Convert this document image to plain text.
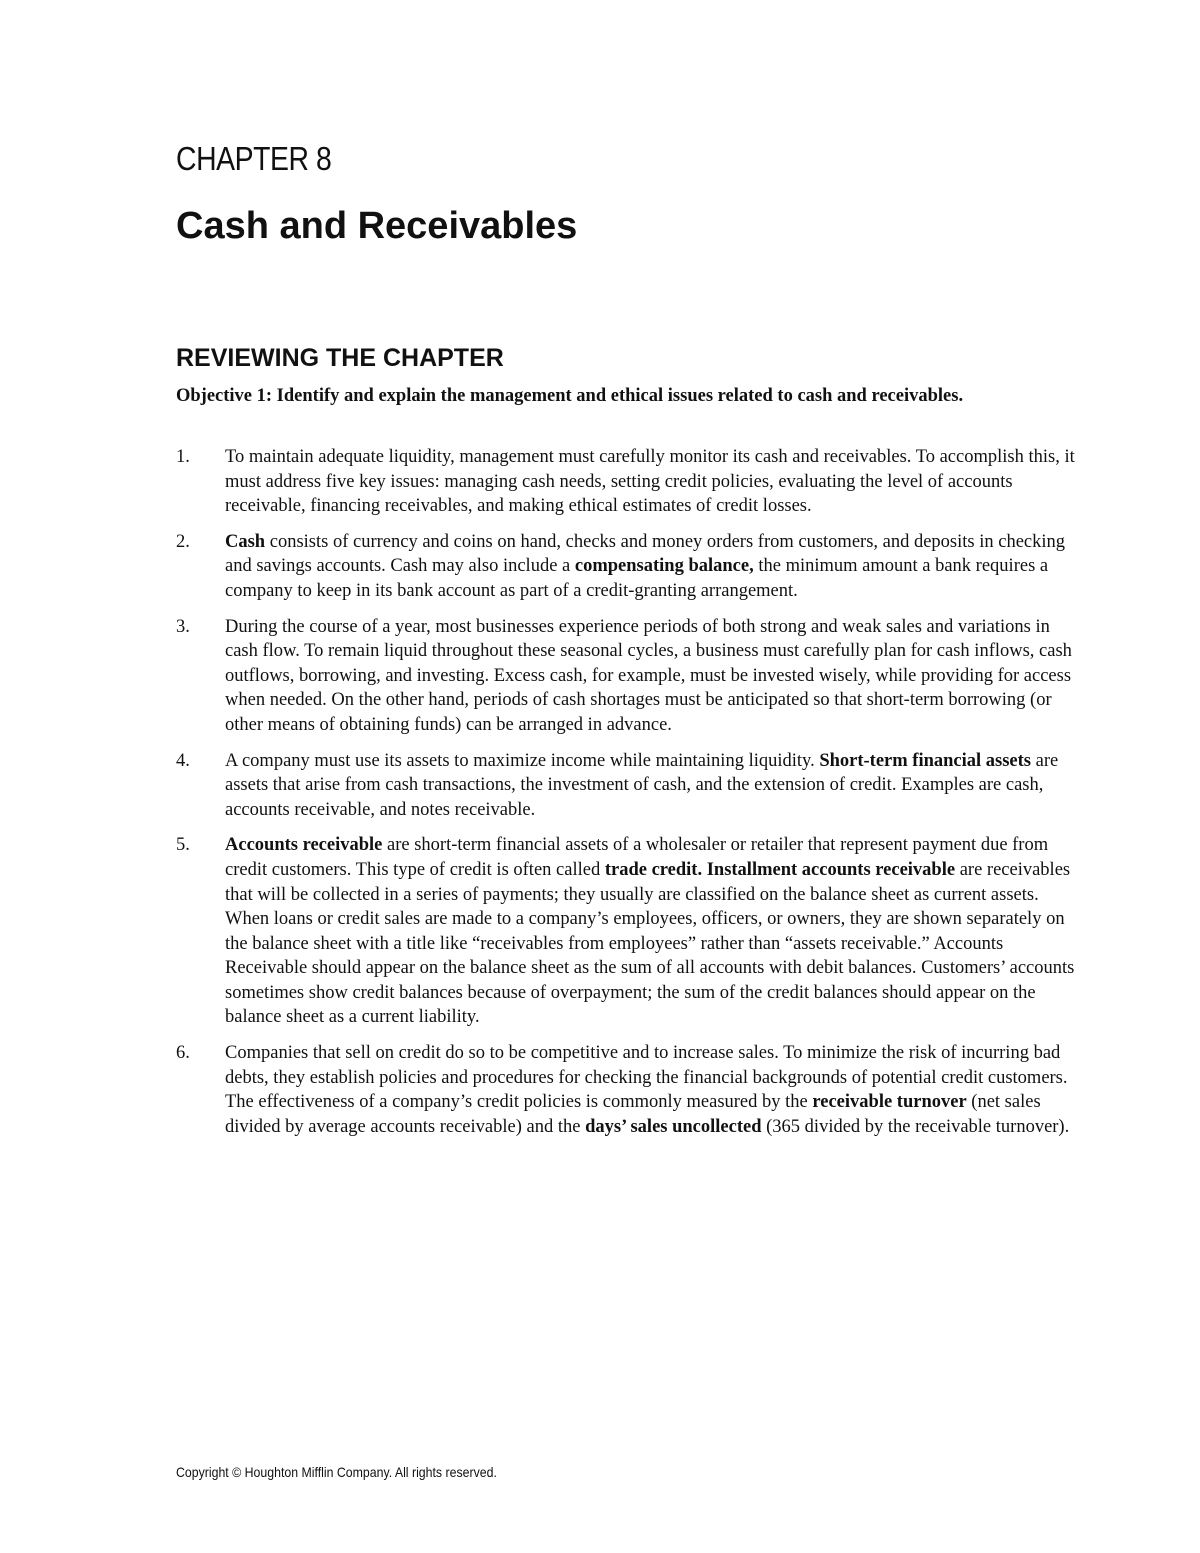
CHAPTER 8
Cash and Receivables
REVIEWING THE CHAPTER
Objective 1: Identify and explain the management and ethical issues related to cash and receivables.
1. To maintain adequate liquidity, management must carefully monitor its cash and receivables. To accomplish this, it must address five key issues: managing cash needs, setting credit policies, evaluating the level of accounts receivable, financing receivables, and making ethical estimates of credit losses.
2. Cash consists of currency and coins on hand, checks and money orders from customers, and deposits in checking and savings accounts. Cash may also include a compensating balance, the minimum amount a bank requires a company to keep in its bank account as part of a credit-granting arrangement.
3. During the course of a year, most businesses experience periods of both strong and weak sales and variations in cash flow. To remain liquid throughout these seasonal cycles, a business must carefully plan for cash inflows, cash outflows, borrowing, and investing. Excess cash, for example, must be invested wisely, while providing for access when needed. On the other hand, periods of cash shortages must be anticipated so that short-term borrowing (or other means of obtaining funds) can be arranged in advance.
4. A company must use its assets to maximize income while maintaining liquidity. Short-term financial assets are assets that arise from cash transactions, the investment of cash, and the extension of credit. Examples are cash, accounts receivable, and notes receivable.
5. Accounts receivable are short-term financial assets of a wholesaler or retailer that represent payment due from credit customers. This type of credit is often called trade credit. Installment accounts receivable are receivables that will be collected in a series of payments; they usually are classified on the balance sheet as current assets. When loans or credit sales are made to a company’s employees, officers, or owners, they are shown separately on the balance sheet with a title like “receivables from employees” rather than “assets receivable.” Accounts Receivable should appear on the balance sheet as the sum of all accounts with debit balances. Customers’ accounts sometimes show credit balances because of overpayment; the sum of the credit balances should appear on the balance sheet as a current liability.
6. Companies that sell on credit do so to be competitive and to increase sales. To minimize the risk of incurring bad debts, they establish policies and procedures for checking the financial backgrounds of potential credit customers. The effectiveness of a company’s credit policies is commonly measured by the receivable turnover (net sales divided by average accounts receivable) and the days’ sales uncollected (365 divided by the receivable turnover).
Copyright © Houghton Mifflin Company. All rights reserved.
